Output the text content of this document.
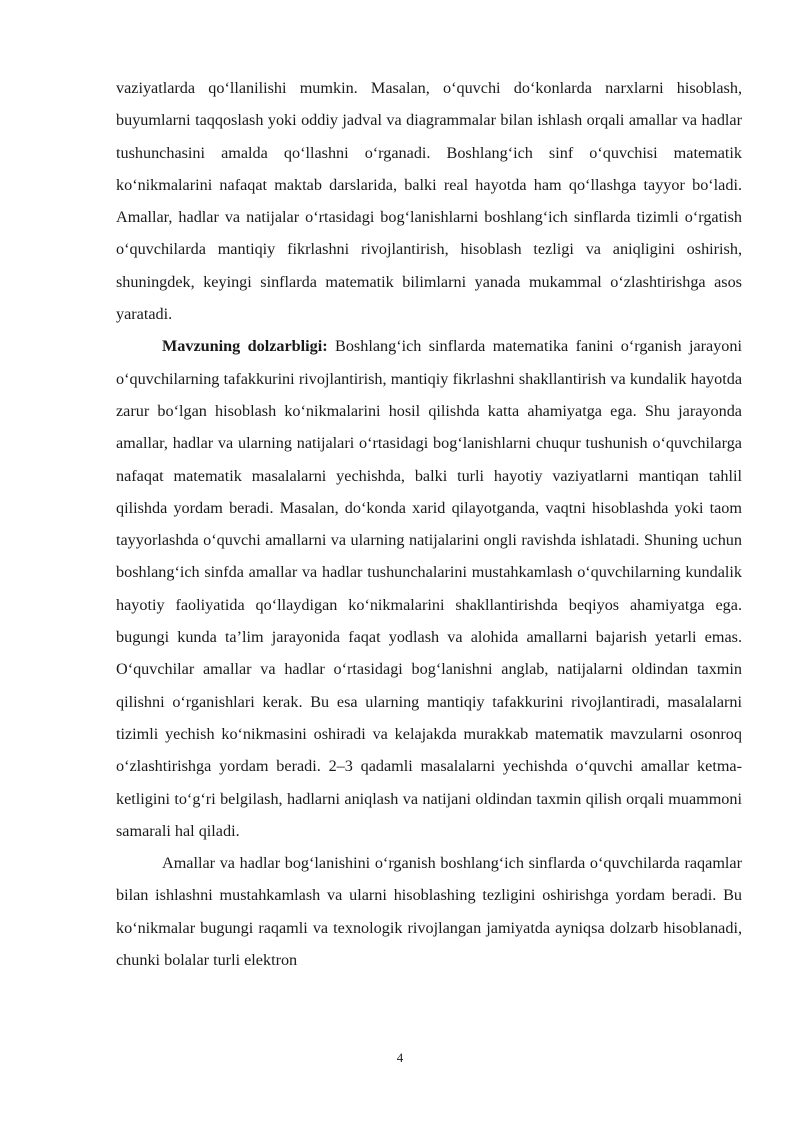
vaziyatlarda qo‘llanilishi mumkin. Masalan, o‘quvchi do‘konlarda narxlarni hisoblash, buyumlarni taqqoslash yoki oddiy jadval va diagrammalar bilan ishlash orqali amallar va hadlar tushunchasini amalda qo‘llashni o‘rganadi. Boshlang‘ich sinf o‘quvchisi matematik ko‘nikmalarini nafaqat maktab darslarida, balki real hayotda ham qo‘llashga tayyor bo‘ladi. Amallar, hadlar va natijalar o‘rtasidagi bog‘lanishlarni boshlang‘ich sinflarda tizimli o‘rgatish o‘quvchilarda mantiqiy fikrlashni rivojlantirish, hisoblash tezligi va aniqligini oshirish, shuningdek, keyingi sinflarda matematik bilimlarni yanada mukammal o‘zlashtirishga asos yaratadi.

Mavzuning dolzarbligi: Boshlang‘ich sinflarda matematika fanini o‘rganish jarayoni o‘quvchilarning tafakkurini rivojlantirish, mantiqiy fikrlashni shakllantirish va kundalik hayotda zarur bo‘lgan hisoblash ko‘nikmalarini hosil qilishda katta ahamiyatga ega. Shu jarayonda amallar, hadlar va ularning natijalari o‘rtasidagi bog‘lanishlarni chuqur tushunish o‘quvchilarga nafaqat matematik masalalarni yechishda, balki turli hayotiy vaziyatlarni mantiqan tahlil qilishda yordam beradi. Masalan, do‘konda xarid qilayotganda, vaqtni hisoblashda yoki taom tayyorlashda o‘quvchi amallarni va ularning natijalarini ongli ravishda ishlatadi. Shuning uchun boshlang‘ich sinfda amallar va hadlar tushunchalarini mustahkamlash o‘quvchilarning kundalik hayotiy faoliyatida qo‘llaydigan ko‘nikmalarini shakllantirishda beqiyos ahamiyatga ega. bugungi kunda ta’lim jarayonida faqat yodlash va alohida amallarni bajarish yetarli emas. O‘quvchilar amallar va hadlar o‘rtasidagi bog‘lanishni anglab, natijalarni oldindan taxmin qilishni o‘rganishlari kerak. Bu esa ularning mantiqiy tafakkurini rivojlantiradi, masalalarni tizimli yechish ko‘nikmasini oshiradi va kelajakda murakkab matematik mavzularni osonroq o‘zlashtirishga yordam beradi. 2–3 qadamli masalalarni yechishda o‘quvchi amallar ketma-ketligini to‘g‘ri belgilash, hadlarni aniqlash va natijani oldindan taxmin qilish orqali muammoni samarali hal qiladi.

Amallar va hadlar bog‘lanishini o‘rganish boshlang‘ich sinflarda o‘quvchilarda raqamlar bilan ishlashni mustahkamlash va ularni hisoblashing tezligini oshirishga yordam beradi. Bu ko‘nikmalar bugungi raqamli va texnologik rivojlangan jamiyatda ayniqsa dolzarb hisoblanadi, chunki bolalar turli elektron

4
